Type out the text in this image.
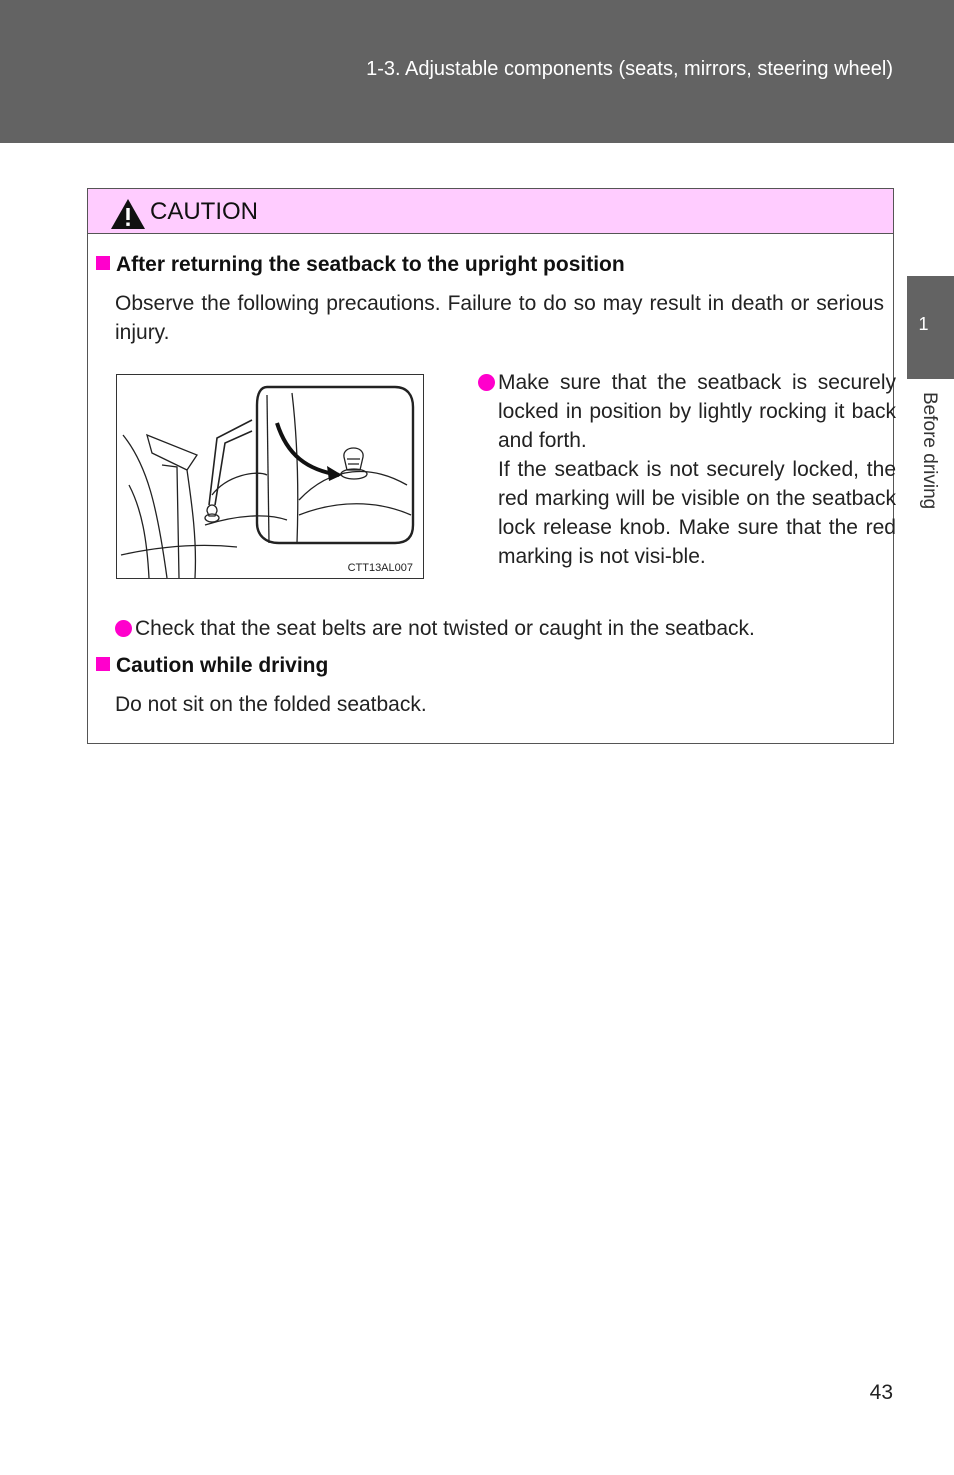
1-3. Adjustable components (seats, mirrors, steering wheel)
1
Before driving
CAUTION
After returning the seatback to the upright position
Observe the following precautions. Failure to do so may result in death or serious injury.
CTT13AL007
Make sure that the seatback is securely locked in position by lightly rocking it back and forth.
If the seatback is not securely locked, the red marking will be visible on the seatback lock release knob. Make sure that the red marking is not visi-ble.
Check that the seat belts are not twisted or caught in the seatback.
Caution while driving
Do not sit on the folded seatback.
43
